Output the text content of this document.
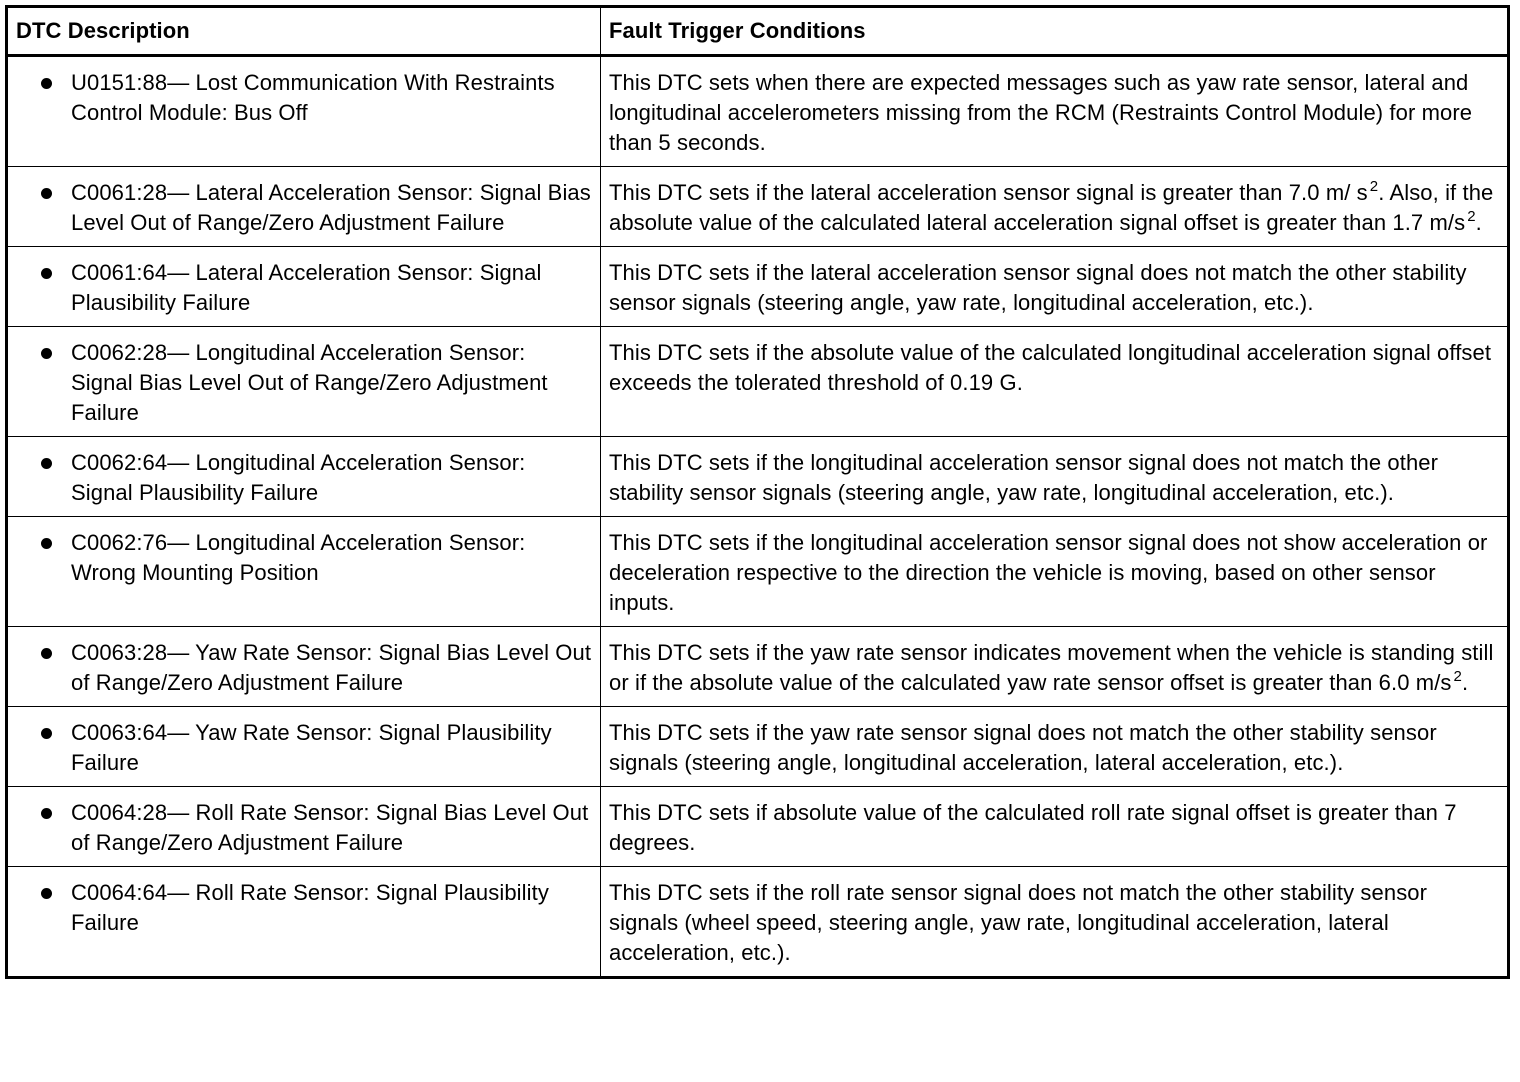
DTC Description	Fault Trigger Conditions

U0151:88— Lost Communication With Restraints Control Module: Bus Off	This DTC sets when there are expected messages such as yaw rate sensor, lateral and longitudinal accelerometers missing from the RCM (Restraints Control Module) for more than 5 seconds.

C0061:28— Lateral Acceleration Sensor: Signal Bias Level Out of Range/Zero Adjustment Failure	This DTC sets if the lateral acceleration sensor signal is greater than 7.0 m/ s $^2$. Also, if the absolute value of the calculated lateral acceleration signal offset is greater than 1.7 m/s $^2$.

C0061:64— Lateral Acceleration Sensor: Signal Plausibility Failure	This DTC sets if the lateral acceleration sensor signal does not match the other stability sensor signals (steering angle, yaw rate, longitudinal acceleration, etc.).

C0062:28— Longitudinal Acceleration Sensor: Signal Bias Level Out of Range/Zero Adjustment Failure	This DTC sets if the absolute value of the calculated longitudinal acceleration signal offset exceeds the tolerated threshold of 0.19 G.

C0062:64— Longitudinal Acceleration Sensor: Signal Plausibility Failure	This DTC sets if the longitudinal acceleration sensor signal does not match the other stability sensor signals (steering angle, yaw rate, longitudinal acceleration, etc.).

C0062:76— Longitudinal Acceleration Sensor: Wrong Mounting Position	This DTC sets if the longitudinal acceleration sensor signal does not show acceleration or deceleration respective to the direction the vehicle is moving, based on other sensor inputs.

C0063:28— Yaw Rate Sensor: Signal Bias Level Out of Range/Zero Adjustment Failure	This DTC sets if the yaw rate sensor indicates movement when the vehicle is standing still or if the absolute value of the calculated yaw rate sensor offset is greater than 6.0 m/s $^2$.

C0063:64— Yaw Rate Sensor: Signal Plausibility Failure	This DTC sets if the yaw rate sensor signal does not match the other stability sensor signals (steering angle, longitudinal acceleration, lateral acceleration, etc.).

C0064:28— Roll Rate Sensor: Signal Bias Level Out of Range/Zero Adjustment Failure	This DTC sets if absolute value of the calculated roll rate signal offset is greater than 7 degrees.

C0064:64— Roll Rate Sensor: Signal Plausibility Failure	This DTC sets if the roll rate sensor signal does not match the other stability sensor signals (wheel speed, steering angle, yaw rate, longitudinal acceleration, lateral acceleration, etc.).
